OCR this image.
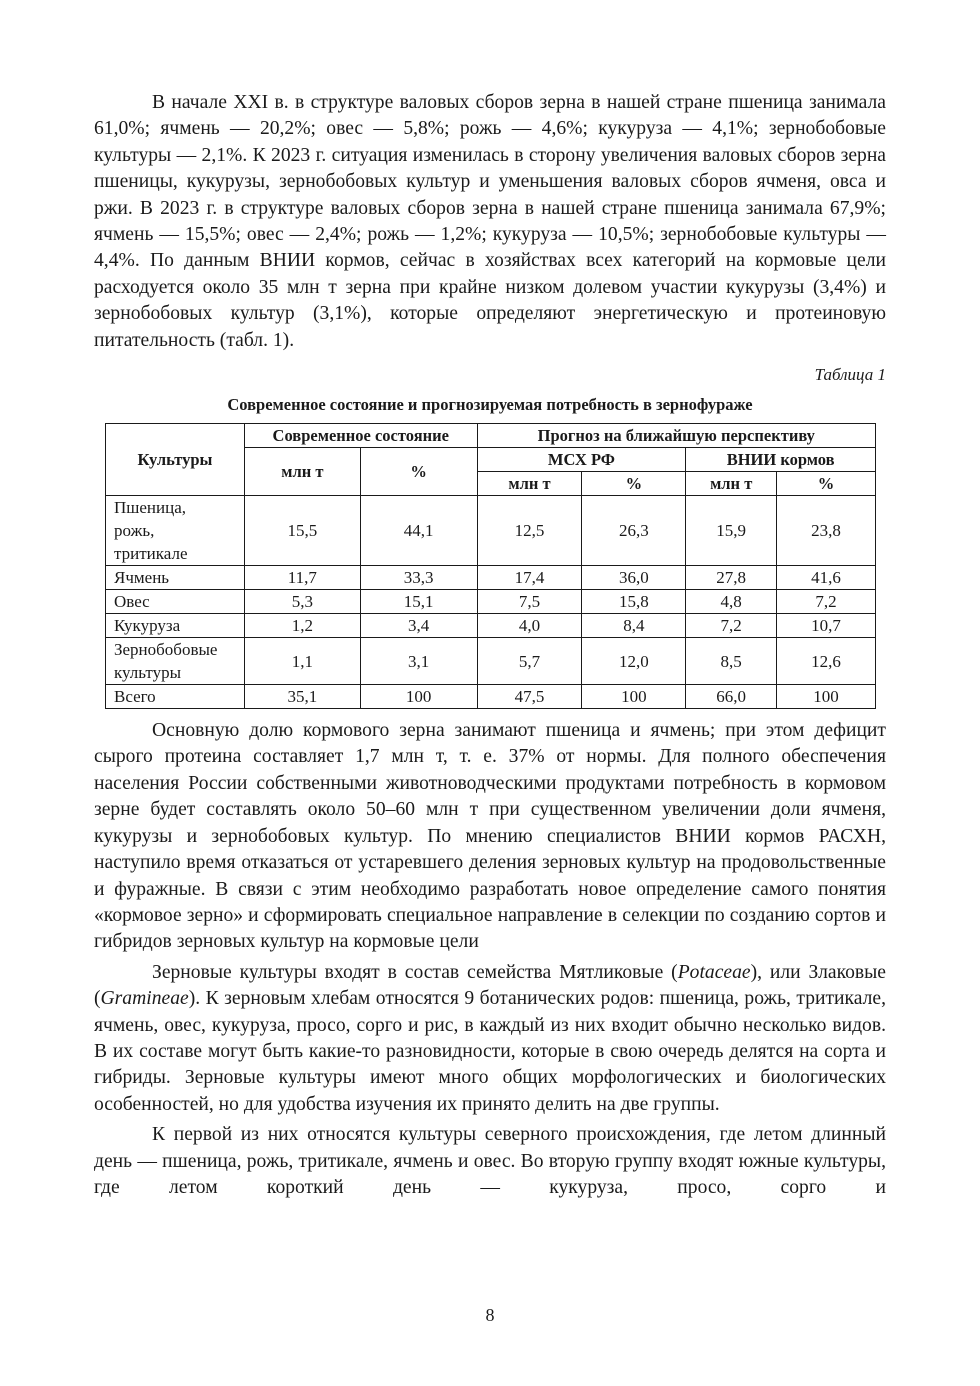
В начале XXI в. в структуре валовых сборов зерна в нашей стране пшеница занимала 61,0%; ячмень — 20,2%; овес — 5,8%; рожь — 4,6%; кукуруза — 4,1%; зернобобовые культуры — 2,1%. К 2023 г. ситуация изменилась в сторону увеличения валовых сборов зерна пшеницы, кукурузы, зернобобовых культур и уменьшения валовых сборов ячменя, овса и ржи. В 2023 г. в структуре валовых сборов зерна в нашей стране пшеница занимала 67,9%; ячмень — 15,5%; овес — 2,4%; рожь — 1,2%; кукуруза — 10,5%; зернобобовые культуры — 4,4%. По данным ВНИИ кормов, сейчас в хозяйствах всех категорий на кормовые цели расходуется около 35 млн т зерна при крайне низком долевом участии кукурузы (3,4%) и зернобобовых культур (3,1%), которые определяют энергетическую и протеиновую питательность (табл. 1).

Таблица 1
Современное состояние и прогнозируемая потребность в зернофураже
Культуры	Современное состояние		Прогноз на ближайшую перспективу			
	млн т	%	МСХ РФ		ВНИИ кормов	
			млн т	%	млн т	%
Пшеница,
рожь,
тритикале	15,5	44,1	12,5	26,3	15,9	23,8
Ячмень	11,7	33,3	17,4	36,0	27,8	41,6
Овес	5,3	15,1	7,5	15,8	4,8	7,2
Кукуруза	1,2	3,4	4,0	8,4	7,2	10,7
Зернобобовые
культуры	1,1	3,1	5,7	12,0	8,5	12,6
Всего	35,1	100	47,5	100	66,0	100

Основную долю кормового зерна занимают пшеница и ячмень; при этом дефицит сырого протеина составляет 1,7 млн т, т. е. 37% от нормы. Для полного обеспечения населения России собственными животноводческими продуктами потребность в кормовом зерне будет составлять около 50–60 млн т при существенном увеличении доли ячменя, кукурузы и зернобобовых культур. По мнению специалистов ВНИИ кормов РАСХН, наступило время отказаться от устаревшего деления зерновых культур на продовольственные и фуражные. В связи с этим необходимо разработать новое определение самого понятия «кормовое зерно» и сформировать специальное направление в селекции по созданию сортов и гибридов зерновых культур на кормовые цели

Зерновые культуры входят в состав семейства Мятликовые (Potaceae), или Злаковые (Gramineae). К зерновым хлебам относятся 9 ботанических родов: пшеница, рожь, тритикале, ячмень, овес, кукуруза, просо, сорго и рис, в каждый из них входит обычно несколько видов. В их составе могут быть какие-то разновидности, которые в свою очередь делятся на сорта и гибриды. Зерновые культуры имеют много общих морфологических и биологических особенностей, но для удобства изучения их принято делить на две группы.

К первой из них относятся культуры северного происхождения, где летом длинный день — пшеница, рожь, тритикале, ячмень и овес. Во вторую группу входят южные культуры, где летом короткий день — кукуруза, просо, сорго и

8
